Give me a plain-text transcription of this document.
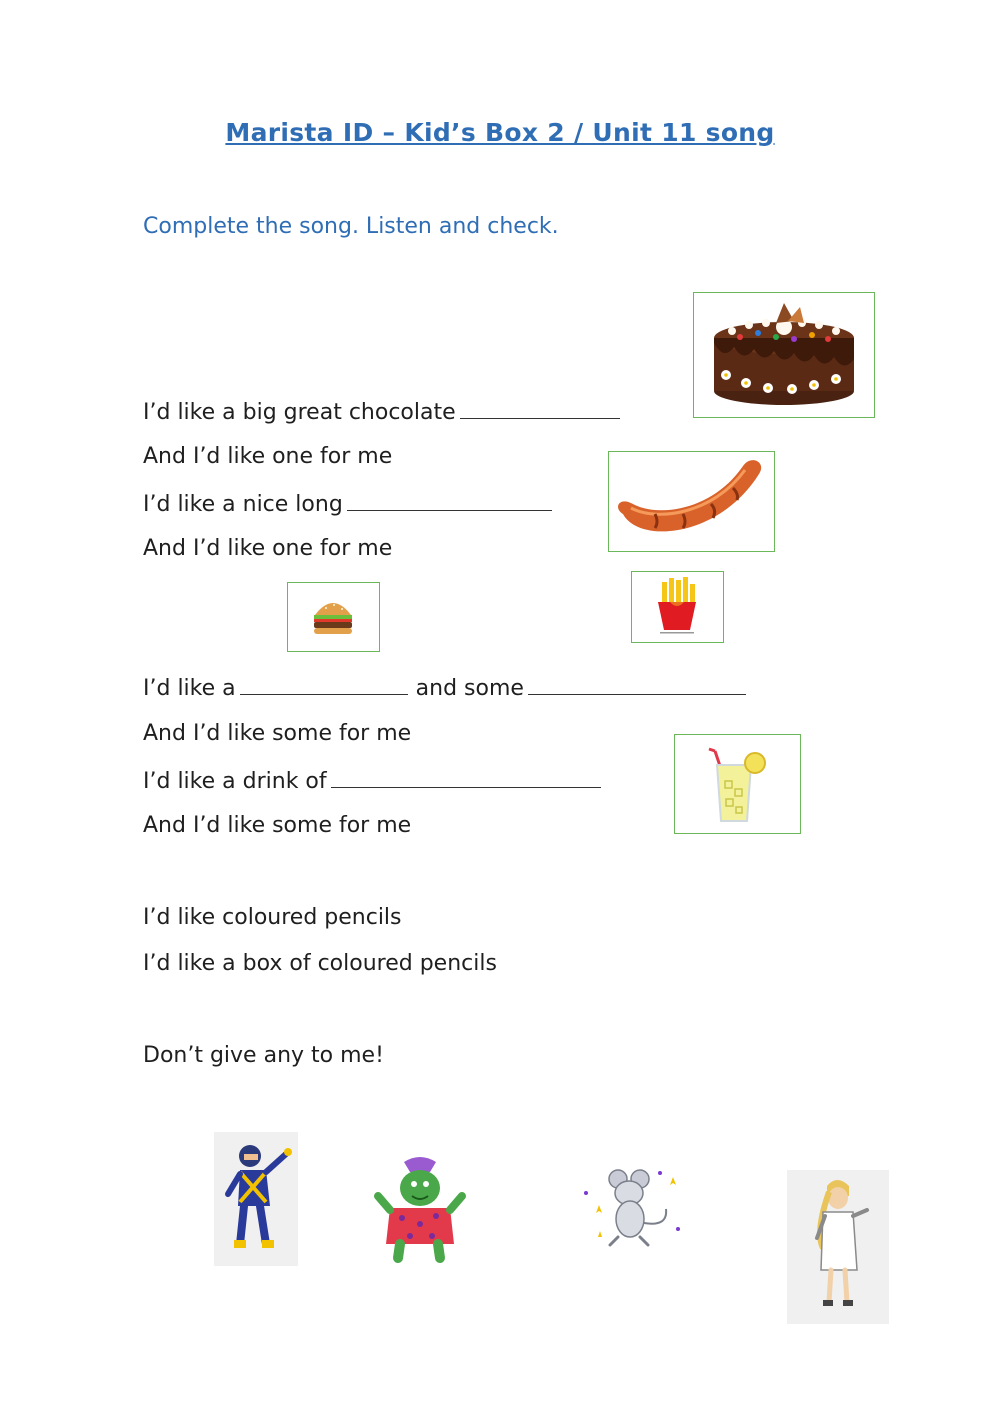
Marista ID – Kid’s Box 2 / Unit 11 song
Complete the song. Listen and check.
I’d like a big great chocolate
And I’d like one for me
I’d like a nice long
And I’d like one for me
I’d like a	and some
And I’d like some for me
I’d like a drink of
And I’d like some for me
I’d like coloured pencils
I’d like a box of coloured pencils
Don’t give any to me!
